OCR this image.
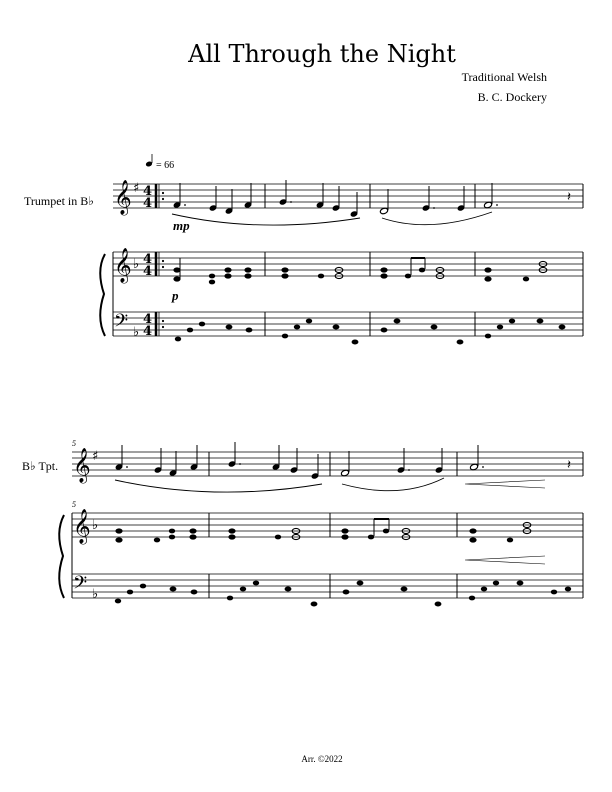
All Through the Night
Traditional Welsh
B. C. Dockery
= 66
Trumpet in B♭ 𝄞 ♯ 4
4	𝄽
mp
𝄞 ♭ 4
4
p
𝄢 ♭
4
4
B♭ Tpt.
5
5
𝄞 ♯
𝄽
𝄞 ♭
𝄢 ♭
Arr. ©2022
